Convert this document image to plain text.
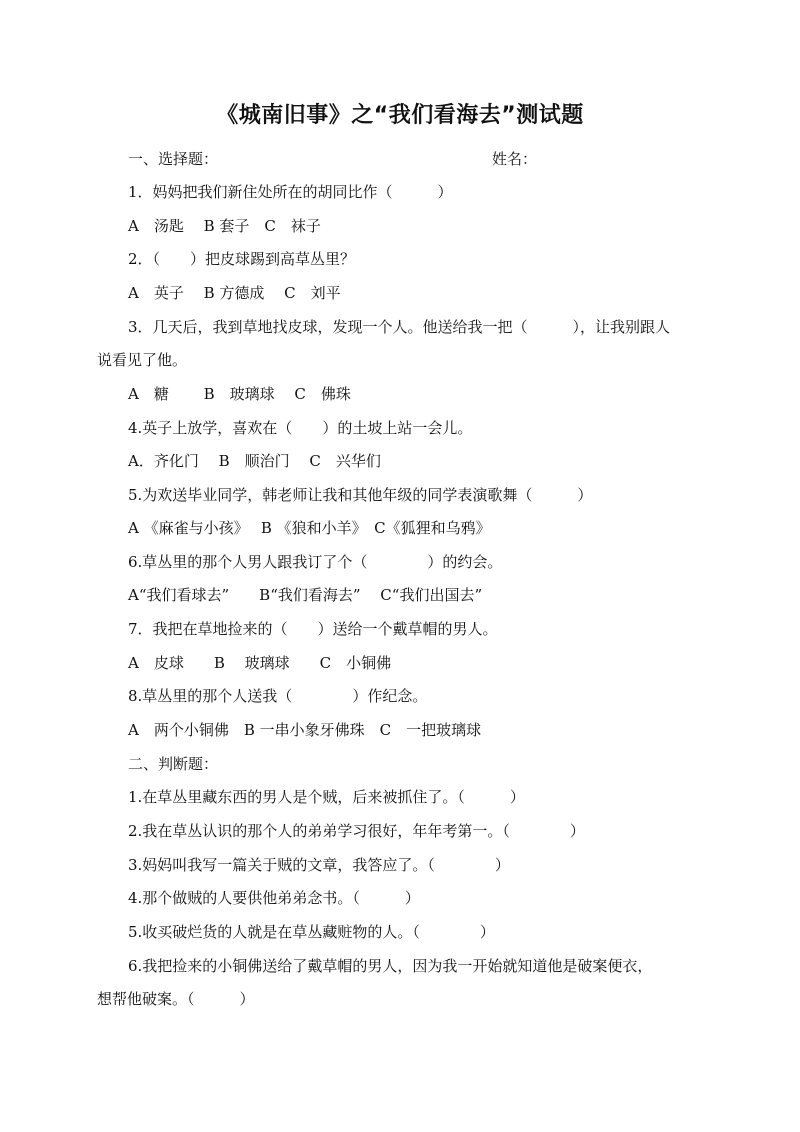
《城南旧事》之“我们看海去”测试题
一、选择题：	姓名：
1．妈妈把我们新住处所在的胡同比作（　　　）
A　汤匙　 B 套子　C　袜子
2．（　　）把皮球踢到高草丛里？
A　英子　 B 方德成　 C　刘平
3．几天后，我到草地找皮球，发现一个人。他送给我一把（　　　），让我别跟人
说看见了他。
A　糖　　 B　玻璃球　 C　佛珠
4.英子上放学，喜欢在（　　）的土坡上站一会儿。
A．齐化门　 B　顺治门　 C　兴华们
5.为欢送毕业同学，韩老师让我和其他年级的同学表演歌舞（　　　）
A 《麻雀与小孩》　 B 《狼和小羊》　C《狐狸和乌鸦》
6.草丛里的那个人男人跟我订了个（　　　　）的约会。
A“我们看球去”　　B“我们看海去”　 C“我们出国去”
7．我把在草地捡来的（　　）送给一个戴草帽的男人。
A　皮球　　B　 玻璃球　　C　小铜佛
8.草丛里的那个人送我（　　　　）作纪念。
A　两个小铜佛　B 一串小象牙佛珠　C　一把玻璃球
二、判断题：
1.在草丛里藏东西的男人是个贼，后来被抓住了。（　　　）
2.我在草丛认识的那个人的弟弟学习很好，年年考第一。（　　　　）
3.妈妈叫我写一篇关于贼的文章，我答应了。（　　　　）
4.那个做贼的人要供他弟弟念书。（　　　）
5.收买破烂货的人就是在草丛藏赃物的人。（　　　　）
6.我把捡来的小铜佛送给了戴草帽的男人，因为我一开始就知道他是破案便衣，
想帮他破案。（　　　）
